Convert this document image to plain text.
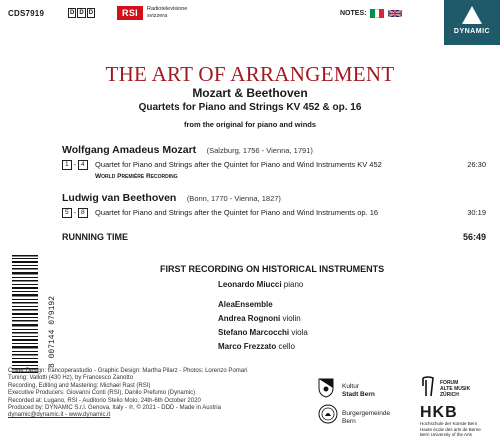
CDS7919	D D D	RSI	Radiotelevisione
svizzera	NOTES:
DYNAMIC
THE ART OF ARRANGEMENT
Mozart & Beethoven
Quartets for Piano and Strings KV 452 & op. 16
from the original for piano and winds
Wolfgang Amadeus Mozart (Salzburg, 1756 - Vienna, 1791)
1 - 4	Quartet for Piano and Strings after the Quintet for Piano and Wind Instruments KV 452	26:30
World Première Recording
Ludwig van Beethoven (Bonn, 1770 - Vienna, 1827)
5 - 8	Quartet for Piano and Strings after the Quintet for Piano and Wind Instruments op. 16	30:19
RUNNING TIME	56:49
FIRST RECORDING ON HISTORICAL INSTRUMENTS
Leonardo Miucci piano
AleaEnsemble
Andrea Rognoni violin
Stefano Marcocchi viola
Marco Frezzato cello
8 007144 079192
Cover Design: francoperastudio - Graphic Design: Martha Pilarz - Photos: Lorenzo Pomari
Tuning: Vallotti (430 Hz), by Francesco Zanotto
Recording, Editing and Mastering: Michael Rast (RSI)
Executive Producers: Giovanni Conti (RSI), Danilo Prefumo (Dynamic)
Recorded at: Lugano, RSI - Auditorio Stelio Molo, 24th-6th October 2020
Produced by: DYNAMIC S.r.l. Genova, Italy - ℗, © 2021 - DDD - Made in Austria
dynamic@dynamic.it - www.dynamic.it
Kultur
Stadt Bern
Burgergemeinde
Bern
FORUM
ALTE MUSIK
ZÜRICH
HKB
Hochschule der Künste Bern
Haute école des arts de Berne
Bern University of the Arts
